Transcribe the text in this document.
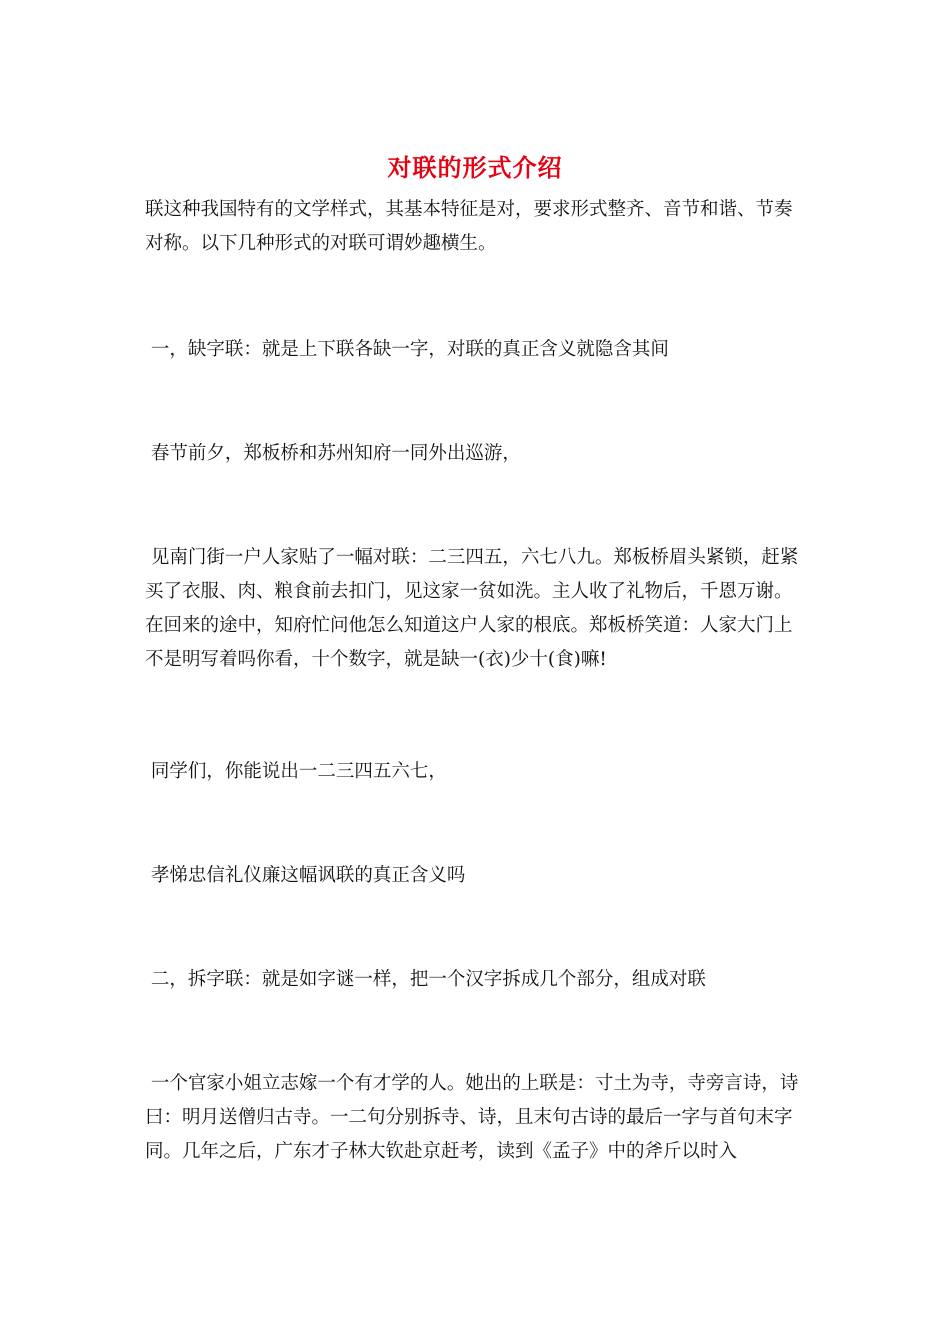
对联的形式介绍
联这种我国特有的文学样式，其基本特征是对，要求形式整齐、音节和谐、节奏对称。以下几种形式的对联可谓妙趣横生。
一，缺字联：就是上下联各缺一字，对联的真正含义就隐含其间
春节前夕，郑板桥和苏州知府一同外出巡游，
见南门街一户人家贴了一幅对联：二三四五，六七八九。郑板桥眉头紧锁，赶紧买了衣服、肉、粮食前去扣门，见这家一贫如洗。主人收了礼物后，千恩万谢。在回来的途中，知府忙问他怎么知道这户人家的根底。郑板桥笑道：人家大门上不是明写着吗你看，十个数字，就是缺一(衣)少十(食)嘛!
同学们，你能说出一二三四五六七，
孝悌忠信礼仪廉这幅讽联的真正含义吗
二，拆字联：就是如字谜一样，把一个汉字拆成几个部分，组成对联
一个官家小姐立志嫁一个有才学的人。她出的上联是：寸土为寺，寺旁言诗，诗曰：明月送僧归古寺。一二句分别拆寺、诗，且末句古诗的最后一字与首句末字同。几年之后，广东才子林大钦赴京赶考，读到《孟子》中的斧斤以时入
